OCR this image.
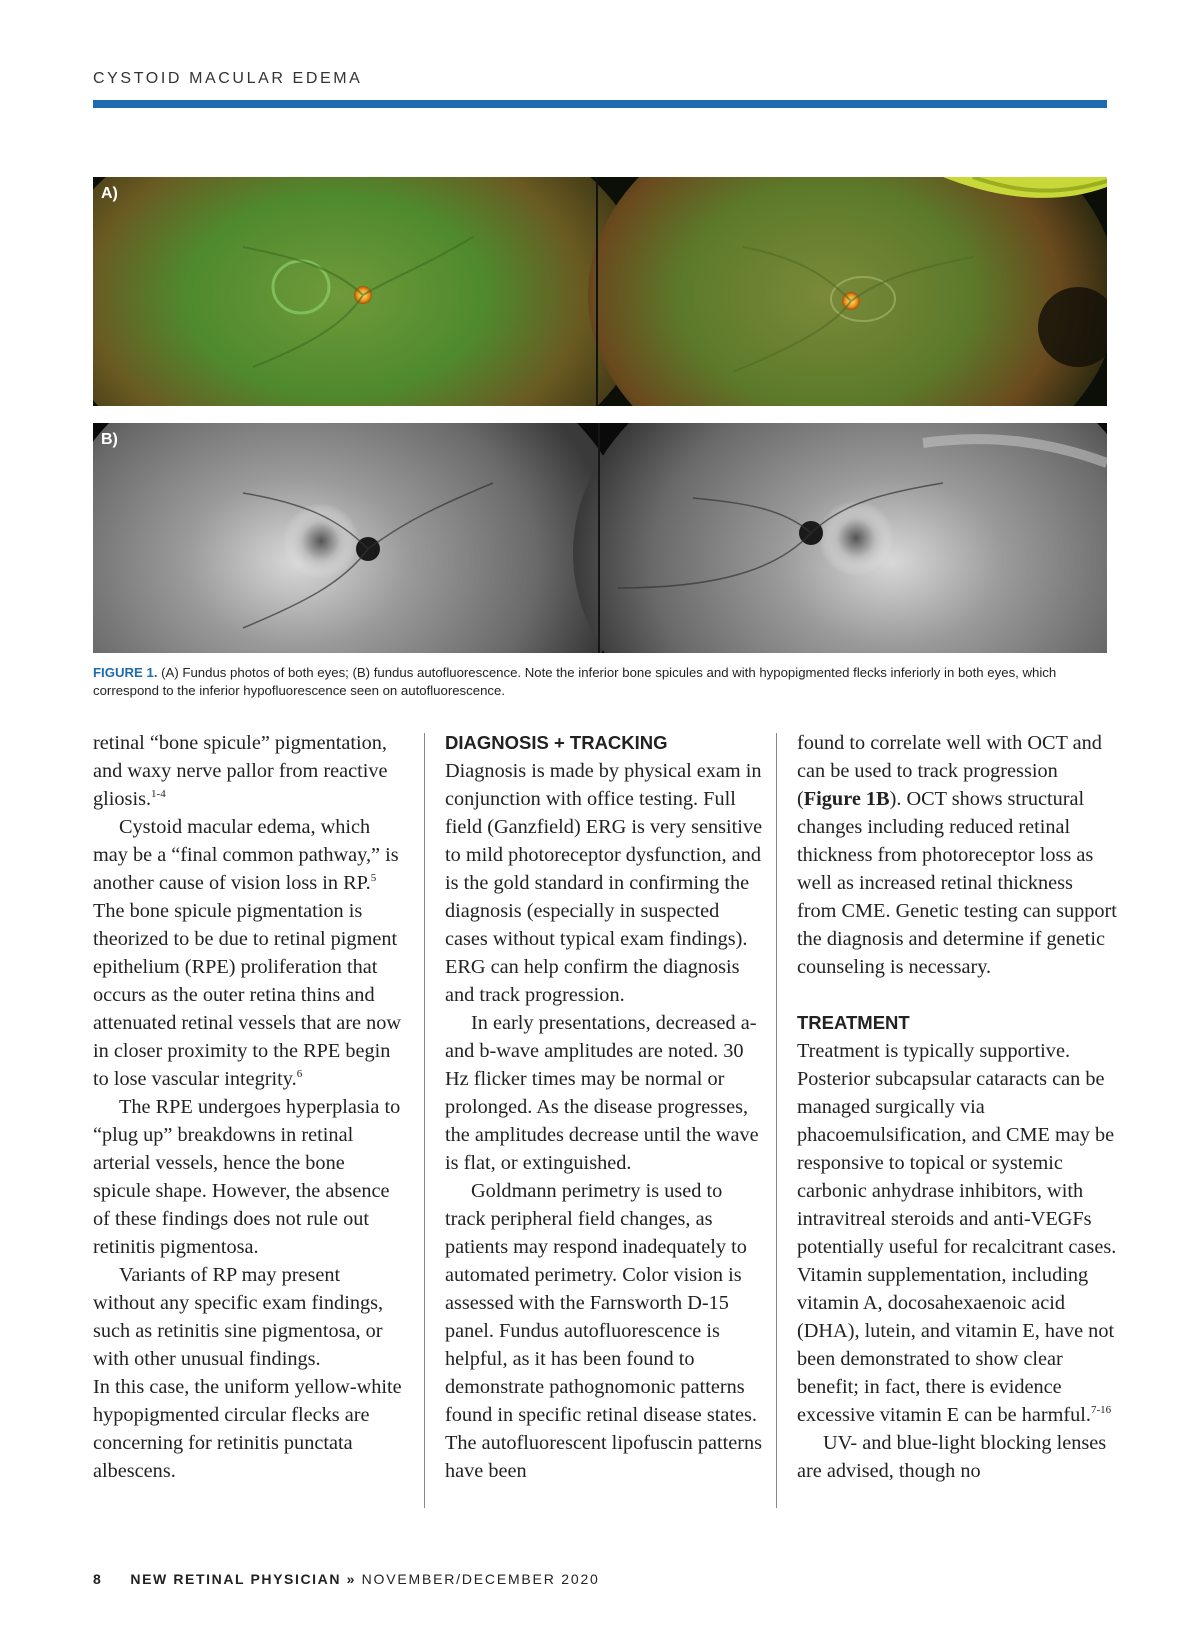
CYSTOID MACULAR EDEMA
A)
B)
FIGURE 1. (A) Fundus photos of both eyes; (B) fundus autofluorescence. Note the inferior bone spicules and with hypopigmented flecks inferiorly in both eyes, which correspond to the inferior hypofluorescence seen on autofluorescence.

retinal “bone spicule” pigmentation, and waxy nerve pallor from reactive gliosis.$^{1-4}$

Cystoid macular edema, which may be a “final common pathway,” is another cause of vision loss in RP.$^5$ The bone spicule pigmentation is theorized to be due to retinal pigment epithelium (RPE) proliferation that occurs as the outer retina thins and attenuated retinal vessels that are now in closer proximity to the RPE begin to lose vascular integrity.$^6$

The RPE undergoes hyperplasia to “plug up” breakdowns in retinal arterial vessels, hence the bone spicule shape. However, the absence of these findings does not rule out retinitis pigmentosa.

Variants of RP may present without any specific exam findings, such as retinitis sine pigmentosa, or with other unusual findings.

In this case, the uniform yellow-white hypopigmented circular flecks are concerning for retinitis punctata albescens.

DIAGNOSIS + TRACKING

Diagnosis is made by physical exam in conjunction with office testing. Full field (Ganzfield) ERG is very sensitive to mild photoreceptor dysfunction, and is the gold standard in confirming the diagnosis (especially in suspected cases without typical exam findings). ERG can help confirm the diagnosis and track progression.

In early presentations, decreased a- and b-wave amplitudes are noted. 30 Hz flicker times may be normal or prolonged. As the disease progresses, the amplitudes decrease until the wave is flat, or extinguished.

Goldmann perimetry is used to track peripheral field changes, as patients may respond inadequately to automated perimetry. Color vision is assessed with the Farnsworth D-15 panel. Fundus autofluorescence is helpful, as it has been found to demonstrate pathognomonic patterns found in specific retinal disease states. The autofluorescent lipofuscin patterns have been

found to correlate well with OCT and can be used to track progression (Figure 1B). OCT shows structural changes including reduced retinal thickness from photoreceptor loss as well as increased retinal thickness from CME. Genetic testing can support the diagnosis and determine if genetic counseling is necessary.

TREATMENT

Treatment is typically supportive. Posterior subcapsular cataracts can be managed surgically via phacoemulsification, and CME may be responsive to topical or systemic carbonic anhydrase inhibitors, with intravitreal steroids and anti-VEGFs potentially useful for recalcitrant cases. Vitamin supplementation, including vitamin A, docosahexaenoic acid (DHA), lutein, and vitamin E, have not been demonstrated to show clear benefit; in fact, there is evidence excessive vitamin E can be harmful.$^{7-16}$

UV- and blue-light blocking lenses are advised, though no

8 NEW RETINAL PHYSICIAN » NOVEMBER/DECEMBER 2020
